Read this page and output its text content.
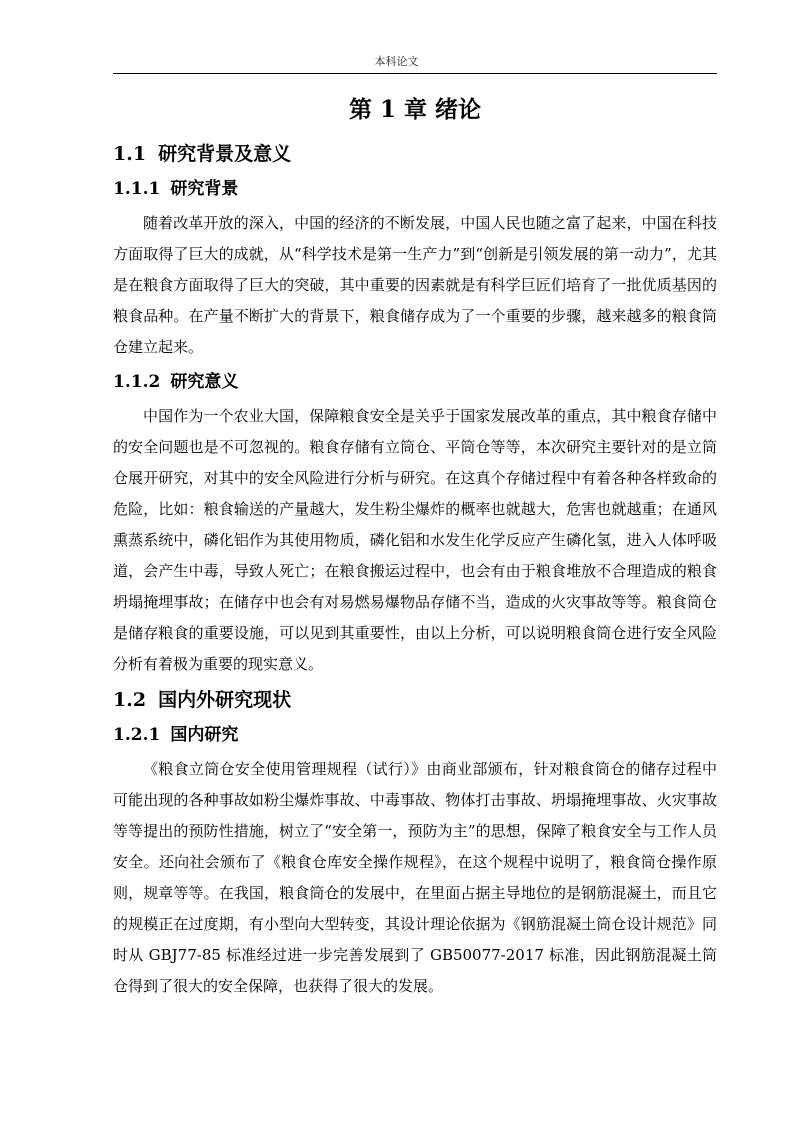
本科论文
第 1 章 绪论
1.1 研究背景及意义
1.1.1 研究背景

随着改革开放的深入，中国的经济的不断发展，中国人民也随之富了起来，中国在科技方面取得了巨大的成就，从“科学技术是第一生产力”到“创新是引领发展的第一动力”，尤其是在粮食方面取得了巨大的突破，其中重要的因素就是有科学巨匠们培育了一批优质基因的粮食品种。在产量不断扩大的背景下，粮食储存成为了一个重要的步骤，越来越多的粮食筒仓建立起来。

1.1.2 研究意义

中国作为一个农业大国，保障粮食安全是关乎于国家发展改革的重点，其中粮食存储中的安全问题也是不可忽视的。粮食存储有立筒仓、平筒仓等等，本次研究主要针对的是立筒仓展开研究，对其中的安全风险进行分析与研究。在这真个存储过程中有着各种各样致命的危险，比如：粮食输送的产量越大，发生粉尘爆炸的概率也就越大，危害也就越重；在通风熏蒸系统中，磷化铝作为其使用物质，磷化铝和水发生化学反应产生磷化氢，进入人体呼吸道，会产生中毒，导致人死亡；在粮食搬运过程中，也会有由于粮食堆放不合理造成的粮食坍塌掩埋事故；在储存中也会有对易燃易爆物品存储不当，造成的火灾事故等等。粮食筒仓是储存粮食的重要设施，可以见到其重要性，由以上分析，可以说明粮食筒仓进行安全风险分析有着极为重要的现实意义。

1.2 国内外研究现状
1.2.1 国内研究

《粮食立筒仓安全使用管理规程（试行）》由商业部颁布，针对粮食筒仓的储存过程中可能出现的各种事故如粉尘爆炸事故、中毒事故、物体打击事故、坍塌掩埋事故、火灾事故等等提出的预防性措施，树立了“安全第一，预防为主”的思想，保障了粮食安全与工作人员安全。还向社会颁布了《粮食仓库安全操作规程》，在这个规程中说明了，粮食筒仓操作原则，规章等等。在我国，粮食筒仓的发展中，在里面占据主导地位的是钢筋混凝土，而且它的规模正在过度期，有小型向大型转变，其设计理论依据为《钢筋混凝土筒仓设计规范》同时从 GBJ77-85 标准经过进一步完善发展到了 GB50077-2017 标准，因此钢筋混凝土筒仓得到了很大的安全保障，也获得了很大的发展。
